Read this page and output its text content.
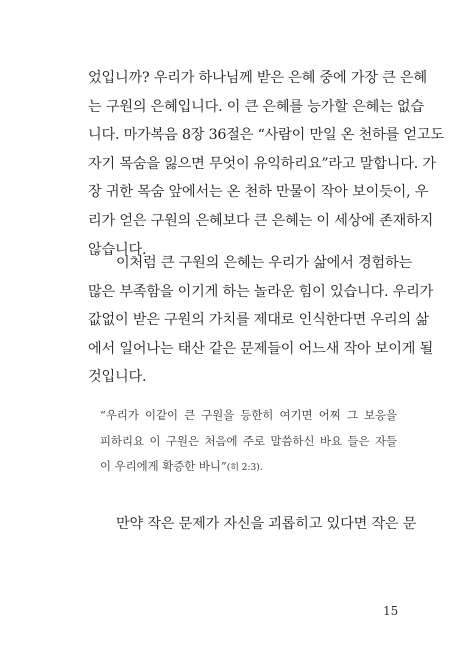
었입니까? 우리가 하나님께 받은 은혜 중에 가장 큰 은혜
는 구원의 은혜입니다. 이 큰 은혜를 능가할 은혜는 없습
니다. 마가복음 8장 36절은 “사람이 만일 온 천하를 얻고도
자기 목숨을 잃으면 무엇이 유익하리요”라고 말합니다. 가
장 귀한 목숨 앞에서는 온 천하 만물이 작아 보이듯이, 우
리가 얻은 구원의 은혜보다 큰 은혜는 이 세상에 존재하지
않습니다.

이처럼 큰 구원의 은혜는 우리가 삶에서 경험하는
많은 부족함을 이기게 하는 놀라운 힘이 있습니다. 우리가
값없이 받은 구원의 가치를 제대로 인식한다면 우리의 삶
에서 일어나는 태산 같은 문제들이 어느새 작아 보이게 될
것입니다.

“우리가 이같이 큰 구원을 등한히 여기면 어찌 그 보응을
피하리요 이 구원은 처음에 주로 말씀하신 바요 들은 자들
이 우리에게 확증한 바니”(히 2:3).

만약 작은 문제가 자신을 괴롭히고 있다면 작은 문

15
